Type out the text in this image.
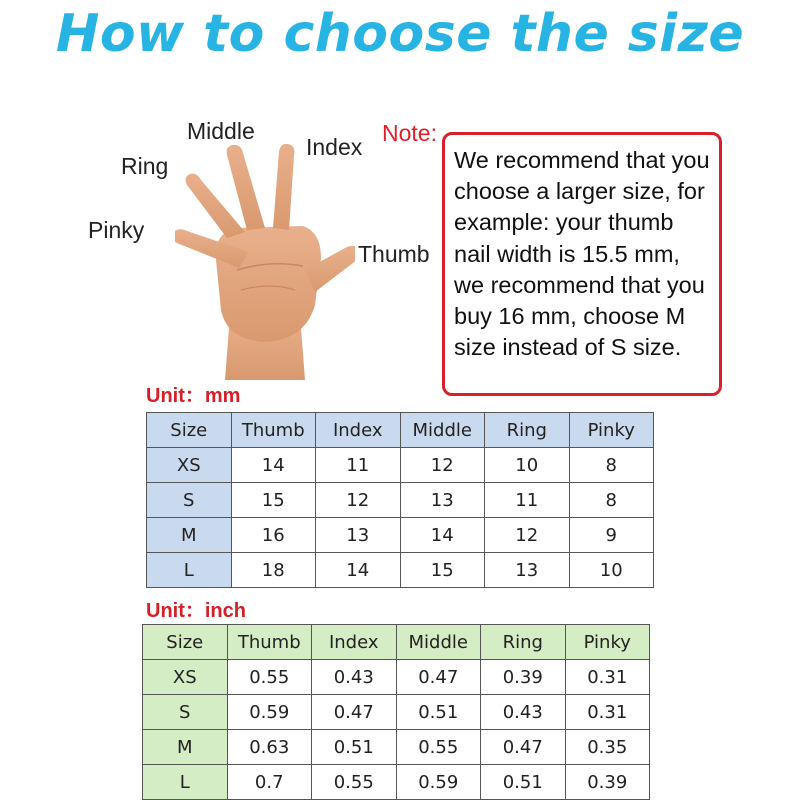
How to choose the size
Middle
Index
Ring
Pinky
Thumb
Note:
We recommend that you choose a larger size, for example: your thumb nail width is 15.5 mm, we recommend that you buy 16 mm, choose M size instead of S size.
Unit：mm
Size	Thumb	Index	Middle	Ring	Pinky
XS	14	11	12	10	8
S	15	12	13	11	8
M	16	13	14	12	9
L	18	14	15	13	10
Unit：inch
Size	Thumb	Index	Middle	Ring	Pinky
XS	0.55	0.43	0.47	0.39	0.31
S	0.59	0.47	0.51	0.43	0.31
M	0.63	0.51	0.55	0.47	0.35
L	0.7	0.55	0.59	0.51	0.39
